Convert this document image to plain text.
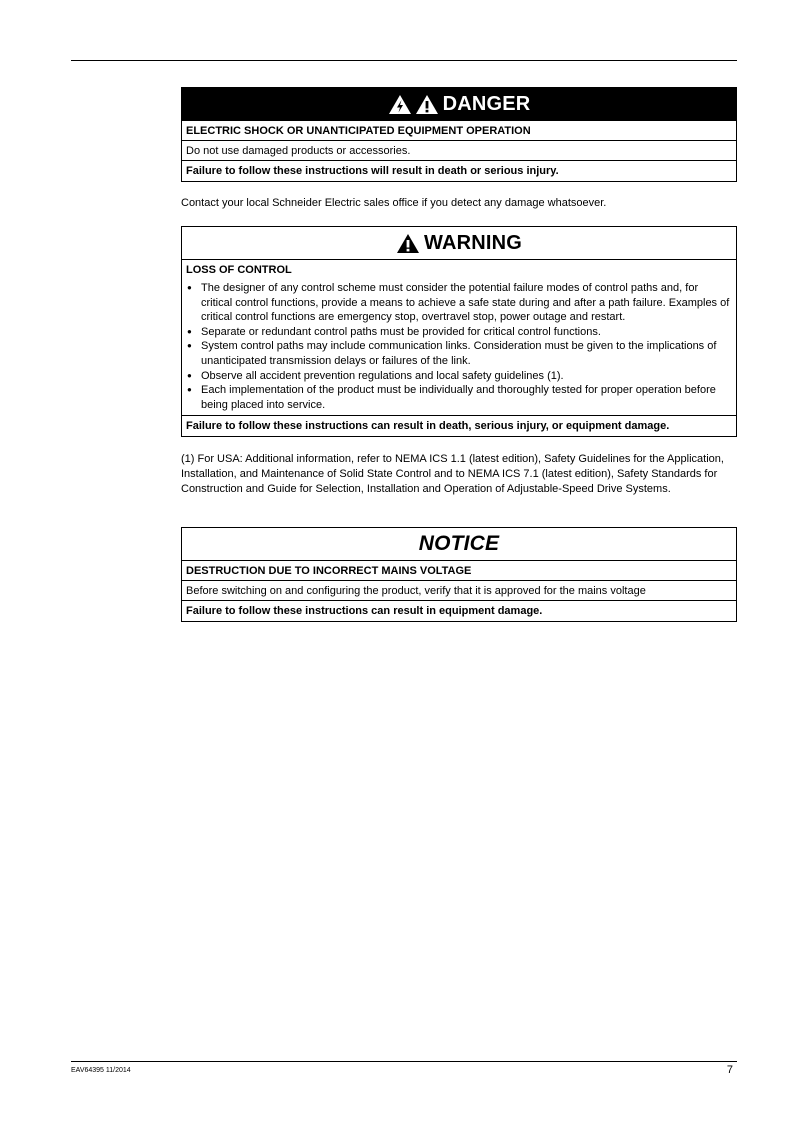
DANGER
ELECTRIC SHOCK OR UNANTICIPATED EQUIPMENT OPERATION
Do not use damaged products or accessories.
Failure to follow these instructions will result in death or serious injury.
Contact your local Schneider Electric sales office if you detect any damage whatsoever.
WARNING
LOSS OF CONTROL
● The designer of any control scheme must consider the potential failure modes of control paths and, for critical control functions, provide a means to achieve a safe state during and after a path failure. Examples of critical control functions are emergency stop, overtravel stop, power outage and restart.
● Separate or redundant control paths must be provided for critical control functions.
● System control paths may include communication links. Consideration must be given to the implications of unanticipated transmission delays or failures of the link.
● Observe all accident prevention regulations and local safety guidelines (1).
● Each implementation of the product must be individually and thoroughly tested for proper operation before being placed into service.
Failure to follow these instructions can result in death, serious injury, or equipment damage.
(1) For USA: Additional information, refer to NEMA ICS 1.1 (latest edition), Safety Guidelines for the Application, Installation, and Maintenance of Solid State Control and to NEMA ICS 7.1 (latest edition), Safety Standards for Construction and Guide for Selection, Installation and Operation of Adjustable-Speed Drive Systems.
NOTICE
DESTRUCTION DUE TO INCORRECT MAINS VOLTAGE
Before switching on and configuring the product, verify that it is approved for the mains voltage
Failure to follow these instructions can result in equipment damage.
EAV64395 11/2014	7
